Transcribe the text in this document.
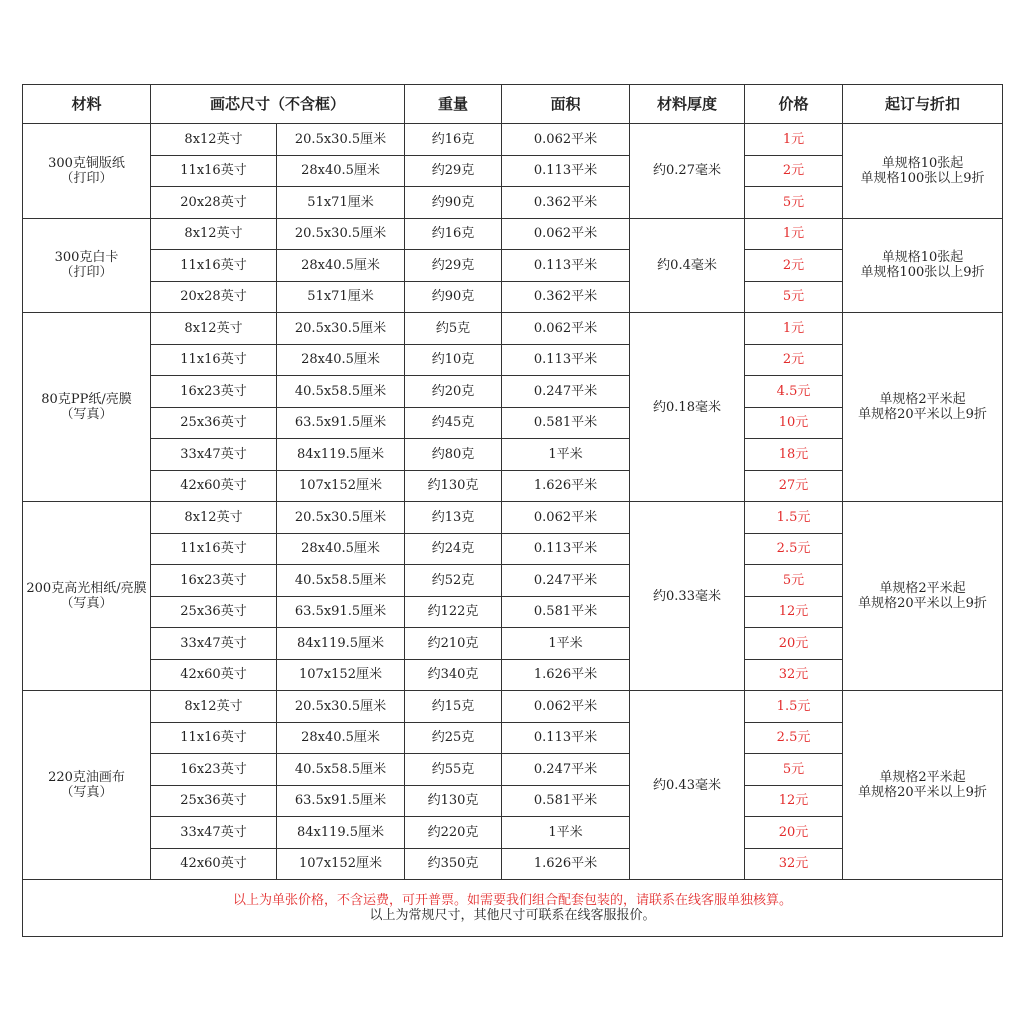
材料	画芯尺寸（不含框）		重量	面积	材料厚度	价格	起订与折扣
300克铜版纸
（打印）	8x12英寸	20.5x30.5厘米	约16克	0.062平米	约0.27毫米	1元	单规格10张起
单规格100张以上9折
	11x16英寸	28x40.5厘米	约29克	0.113平米		2元	
	20x28英寸	51x71厘米	约90克	0.362平米		5元	
300克白卡
（打印）	8x12英寸	20.5x30.5厘米	约16克	0.062平米	约0.4毫米	1元	单规格10张起
单规格100张以上9折
	11x16英寸	28x40.5厘米	约29克	0.113平米		2元	
	20x28英寸	51x71厘米	约90克	0.362平米		5元	
80克PP纸/亮膜
（写真）	8x12英寸	20.5x30.5厘米	约5克	0.062平米	约0.18毫米	1元	单规格2平米起
单规格20平米以上9折
	11x16英寸	28x40.5厘米	约10克	0.113平米		2元	
	16x23英寸	40.5x58.5厘米	约20克	0.247平米		4.5元	
	25x36英寸	63.5x91.5厘米	约45克	0.581平米		10元	
	33x47英寸	84x119.5厘米	约80克	1平米		18元	
	42x60英寸	107x152厘米	约130克	1.626平米		27元	
200克高光相纸/亮膜
（写真）	8x12英寸	20.5x30.5厘米	约13克	0.062平米	约0.33毫米	1.5元	单规格2平米起
单规格20平米以上9折
	11x16英寸	28x40.5厘米	约24克	0.113平米		2.5元	
	16x23英寸	40.5x58.5厘米	约52克	0.247平米		5元	
	25x36英寸	63.5x91.5厘米	约122克	0.581平米		12元	
	33x47英寸	84x119.5厘米	约210克	1平米		20元	
	42x60英寸	107x152厘米	约340克	1.626平米		32元	
220克油画布
（写真）	8x12英寸	20.5x30.5厘米	约15克	0.062平米	约0.43毫米	1.5元	单规格2平米起
单规格20平米以上9折
	11x16英寸	28x40.5厘米	约25克	0.113平米		2.5元	
	16x23英寸	40.5x58.5厘米	约55克	0.247平米		5元	
	25x36英寸	63.5x91.5厘米	约130克	0.581平米		12元	
	33x47英寸	84x119.5厘米	约220克	1平米		20元	
	42x60英寸	107x152厘米	约350克	1.626平米		32元	
以上为单张价格，不含运费，可开普票。如需要我们组合配套包装的，请联系在线客服单独核算。
以上为常规尺寸，其他尺寸可联系在线客服报价。							
